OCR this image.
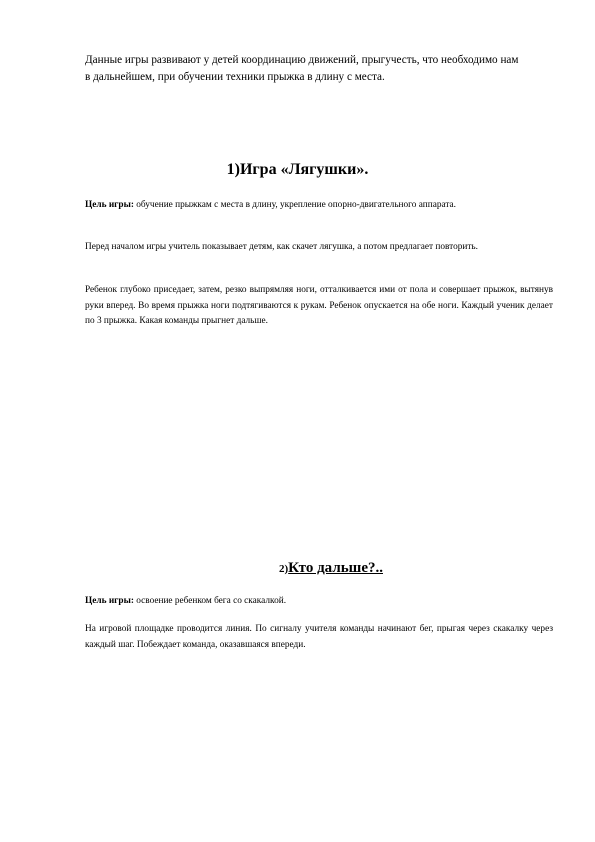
Данные игры развивают у детей координацию движений, прыгучесть, что необходимо нам в дальнейшем, при обучении техники прыжка в длину с места.

1)Игра «Лягушки».

Цель игры: обучение прыжкам с места в длину, укрепление опорно-двигательного аппарата.

Перед началом игры учитель показывает детям, как скачет лягушка, а потом предлагает повторить.

Ребенок глубоко приседает, затем, резко выпрямляя ноги, отталкивается ими от пола и совершает прыжок, вытянув руки вперед. Во время прыжка ноги подтягиваются к рукам. Ребенок опускается на обе ноги. Каждый ученик делает по 3 прыжка. Какая команды прыгнет дальше.

2)Кто дальше?..

Цель игры: освоение ребенком бега со скакалкой.

На игровой площадке проводится линия. По сигналу учителя команды начинают бег, прыгая через скакалку через каждый шаг. Побеждает команда, оказавшаяся впереди.
